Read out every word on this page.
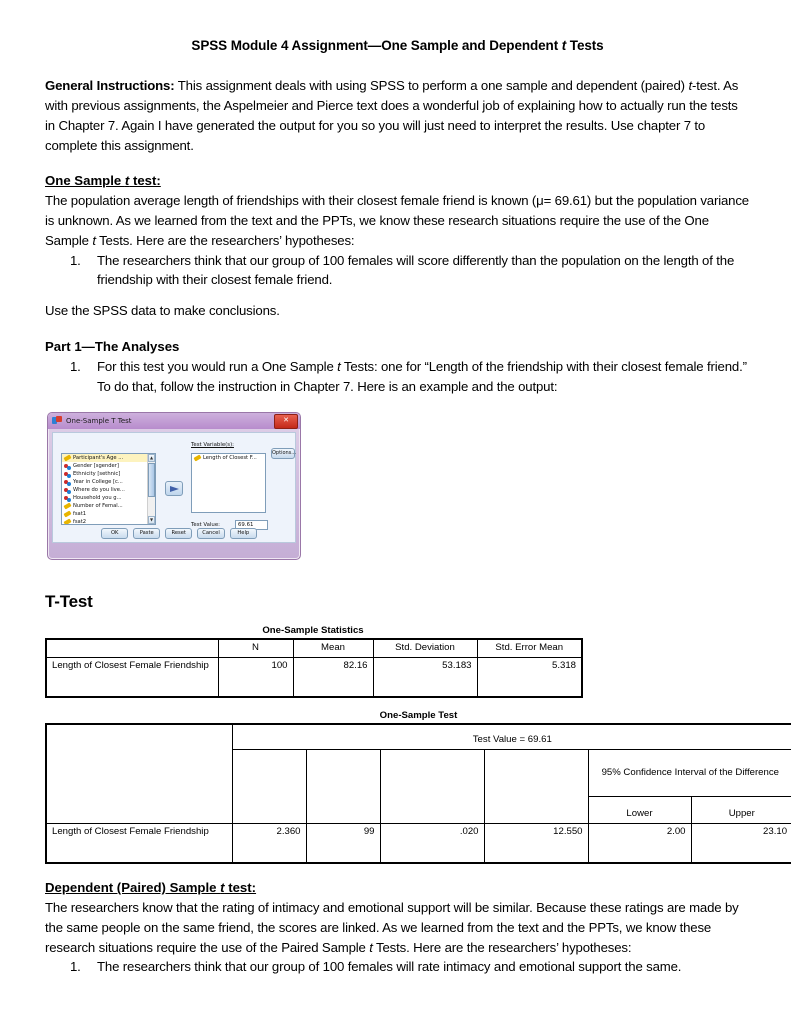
SPSS Module 4 Assignment—One Sample and Dependent t Tests

General Instructions: This assignment deals with using SPSS to perform a one sample and dependent (paired) t-test. As with previous assignments, the Aspelmeier and Pierce text does a wonderful job of explaining how to actually run the tests in Chapter 7. Again I have generated the output for you so you will just need to interpret the results. Use chapter 7 to complete this assignment.

One Sample t test:

The population average length of friendships with their closest female friend is known (μ= 69.61) but the population variance is unknown. As we learned from the text and the PPTs, we know these research situations require the use of the One Sample t Tests. Here are the researchers’ hypotheses:

1.	The researchers think that our group of 100 females will score differently than the population on the length of the friendship with their closest female friend.

Use the SPSS data to make conclusions.

Part 1—The Analyses
1.	For this test you would run a One Sample t Tests: one for “Length of the friendship with their closest female friend.” To do that, follow the instruction in Chapter 7. Here is an example and the output:
One-Sample T Test	✕
Participant's Age ...
Gender [sgender]
Ethnicity [sethnic]
Year in College [c...
Where do you live...
Household you g...
Number of Femal...
fsat1
fsat2
▲
▼
Test Variable(s):
Length of Closest F...
Options...
Test Value:	69.61
OK	Paste	Reset	Cancel	Help
T-Test
One-Sample Statistics
	N	Mean	Std. Deviation	Std. Error Mean
Length of Closest Female Friendship	100	82.16	53.183	5.318
One-Sample Test
	Test Value = 69.61					
					95% Confidence Interval of the Difference	
					Lower	Upper
Length of Closest Female Friendship	2.360	99	.020	12.550	2.00	23.10
Dependent (Paired) Sample t test:

The researchers know that the rating of intimacy and emotional support will be similar. Because these ratings are made by the same people on the same friend, the scores are linked. As we learned from the text and the PPTs, we know these research situations require the use of the Paired Sample t Tests. Here are the researchers’ hypotheses:

1.	The researchers think that our group of 100 females will rate intimacy and emotional support the same.
